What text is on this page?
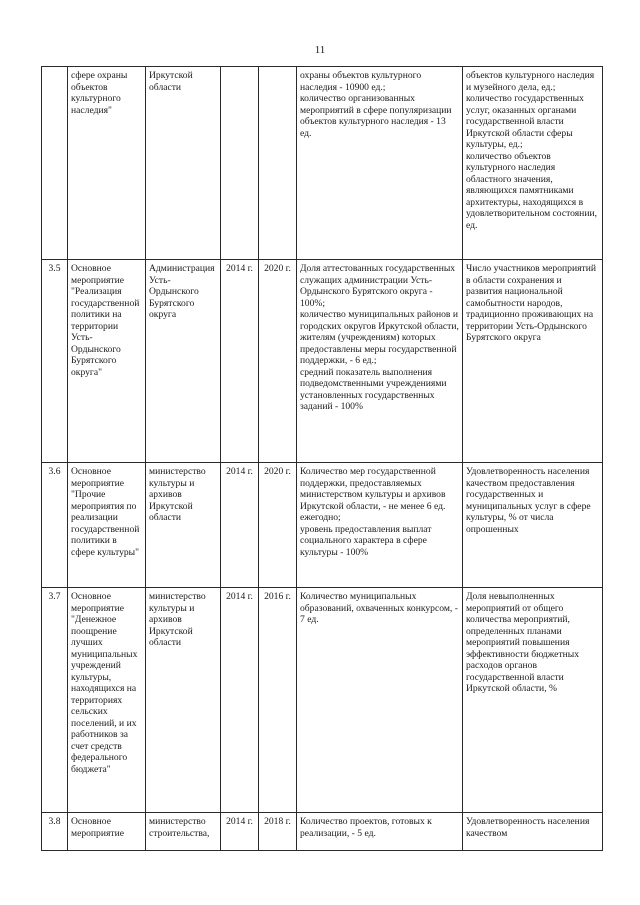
11
	сфере охраны объектов культурного наследия"	Иркутской области			охраны объектов культурного наследия - 10900 ед.;
количество организованных мероприятий в сфере популяризации объектов культурного наследия - 13 ед.	объектов культурного наследия и музейного дела, ед.;
количество государственных услуг, оказанных органами государственной власти Иркутской области сферы культуры, ед.;
количество объектов культурного наследия областного значения, являющихся памятниками архитектуры, находящихся в удовлетворительном состоянии, ед.
3.5	Основное мероприятие "Реализация государственной политики на территории Усть-Ордынского Бурятского округа"	Администрация Усть-Ордынского Бурятского округа	2014 г.	2020 г.	Доля аттестованных государственных служащих администрации Усть-Ордынского Бурятского округа - 100%;
количество муниципальных районов и городских округов Иркутской области, жителям (учреждениям) которых предоставлены меры государственной поддержки, - 6 ед.;
средний показатель выполнения подведомственными учреждениями установленных государственных заданий - 100%	Число участников мероприятий в области сохранения и развития национальной самобытности народов, традиционно проживающих на территории Усть-Ордынского Бурятского округа
3.6	Основное мероприятие "Прочие мероприятия по реализации государственной политики в сфере культуры"	министерство культуры и архивов Иркутской области	2014 г.	2020 г.	Количество мер государственной поддержки, предоставляемых министерством культуры и архивов Иркутской области, - не менее 6 ед. ежегодно;
уровень предоставления выплат социального характера в сфере культуры - 100%	Удовлетворенность населения качеством предоставления государственных и муниципальных услуг в сфере культуры, % от числа опрошенных
3.7	Основное мероприятие "Денежное поощрение лучших муниципальных учреждений культуры, находящихся на территориях сельских поселений, и их работников за счет средств федерального бюджета"	министерство культуры и архивов Иркутской области	2014 г.	2016 г.	Количество муниципальных образований, охваченных конкурсом, - 7 ед.	Доля невыполненных мероприятий от общего количества мероприятий, определенных планами мероприятий повышения эффективности бюджетных расходов органов государственной власти Иркутской области, %
3.8	Основное мероприятие	министерство строительства,	2014 г.	2018 г.	Количество проектов, готовых к реализации, - 5 ед.	Удовлетворенность населения качеством
